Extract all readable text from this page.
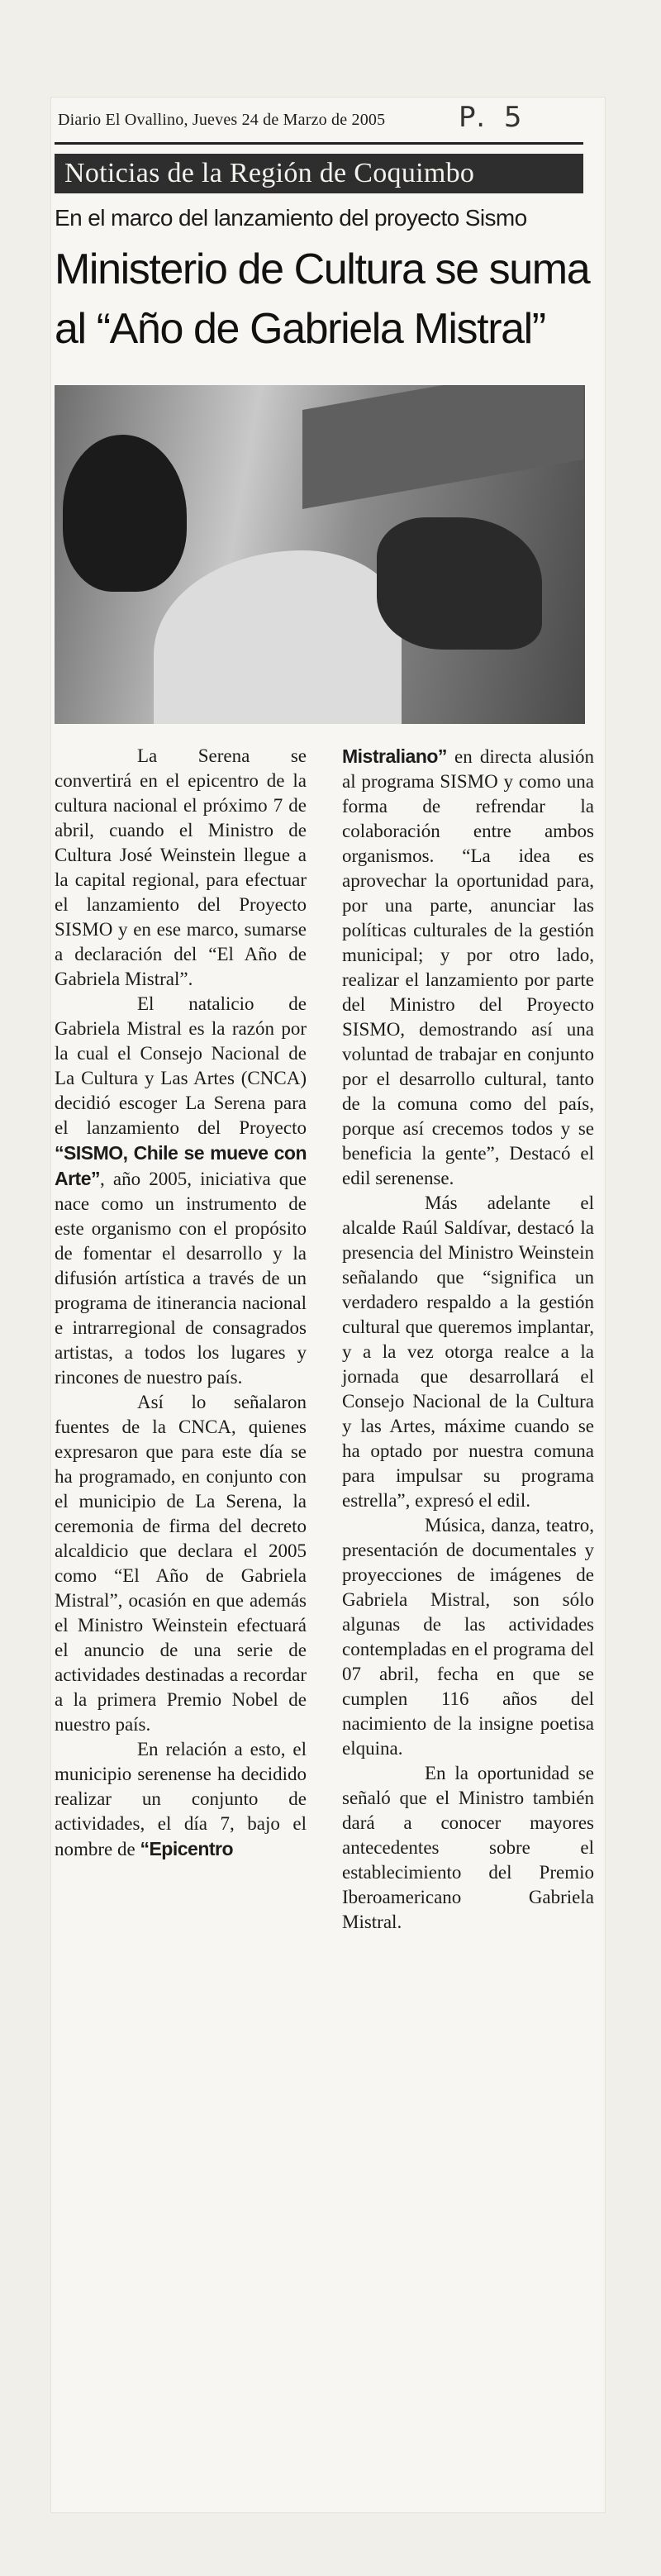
Diario El Ovallino, Jueves 24 de Marzo de 2005	P. 5
Noticias de la Región de Coquimbo
En el marco del lanzamiento del proyecto Sismo
Ministerio de Cultura se suma al “Año de Gabriela Mistral”

La Serena se convertirá en el epicentro de la cultura nacional el próximo 7 de abril, cuando el Ministro de Cultura José Weinstein llegue a la capital regional, para efectuar el lanzamiento del Proyecto SISMO y en ese marco, sumarse a declaración del “El Año de Gabriela Mistral”.

El natalicio de Gabriela Mistral es la razón por la cual el Consejo Nacional de La Cultura y Las Artes (CNCA) decidió escoger La Serena para el lanzamiento del Proyecto “SISMO, Chile se mueve con Arte”, año 2005, iniciativa que nace como un instrumento de este organismo con el propósito de fomentar el desarrollo y la difusión artística a través de un programa de itinerancia nacional e intrarregional de consagrados artistas, a todos los lugares y rincones de nuestro país.

Así lo señalaron fuentes de la CNCA, quienes expresaron que para este día se ha programado, en conjunto con el municipio de La Serena, la ceremonia de firma del decreto alcaldicio que declara el 2005 como “El Año de Gabriela Mistral”, ocasión en que además el Ministro Weinstein efectuará el anuncio de una serie de actividades destinadas a recordar a la primera Premio Nobel de nuestro país.

En relación a esto, el municipio serenense ha decidido realizar un conjunto de actividades, el día 7, bajo el nombre de “Epicentro

Mistraliano” en directa alusión al programa SISMO y como una forma de refrendar la colaboración entre ambos organismos. “La idea es aprovechar la oportunidad para, por una parte, anunciar las políticas culturales de la gestión municipal; y por otro lado, realizar el lanzamiento por parte del Ministro del Proyecto SISMO, demostrando así una voluntad de trabajar en conjunto por el desarrollo cultural, tanto de la comuna como del país, porque así crecemos todos y se beneficia la gente”, Destacó el edil serenense.

Más adelante el alcalde Raúl Saldívar, destacó la presencia del Ministro Weinstein señalando que “significa un verdadero respaldo a la gestión cultural que queremos implantar, y a la vez otorga realce a la jornada que desarrollará el Consejo Nacional de la Cultura y las Artes, máxime cuando se ha optado por nuestra comuna para impulsar su programa estrella”, expresó el edil.

Música, danza, teatro, presentación de documentales y proyecciones de imágenes de Gabriela Mistral, son sólo algunas de las actividades contempladas en el programa del 07 abril, fecha en que se cumplen 116 años del nacimiento de la insigne poetisa elquina.

En la oportunidad se señaló que el Ministro también dará a conocer mayores antecedentes sobre el establecimiento del Premio Iberoamericano Gabriela Mistral.
